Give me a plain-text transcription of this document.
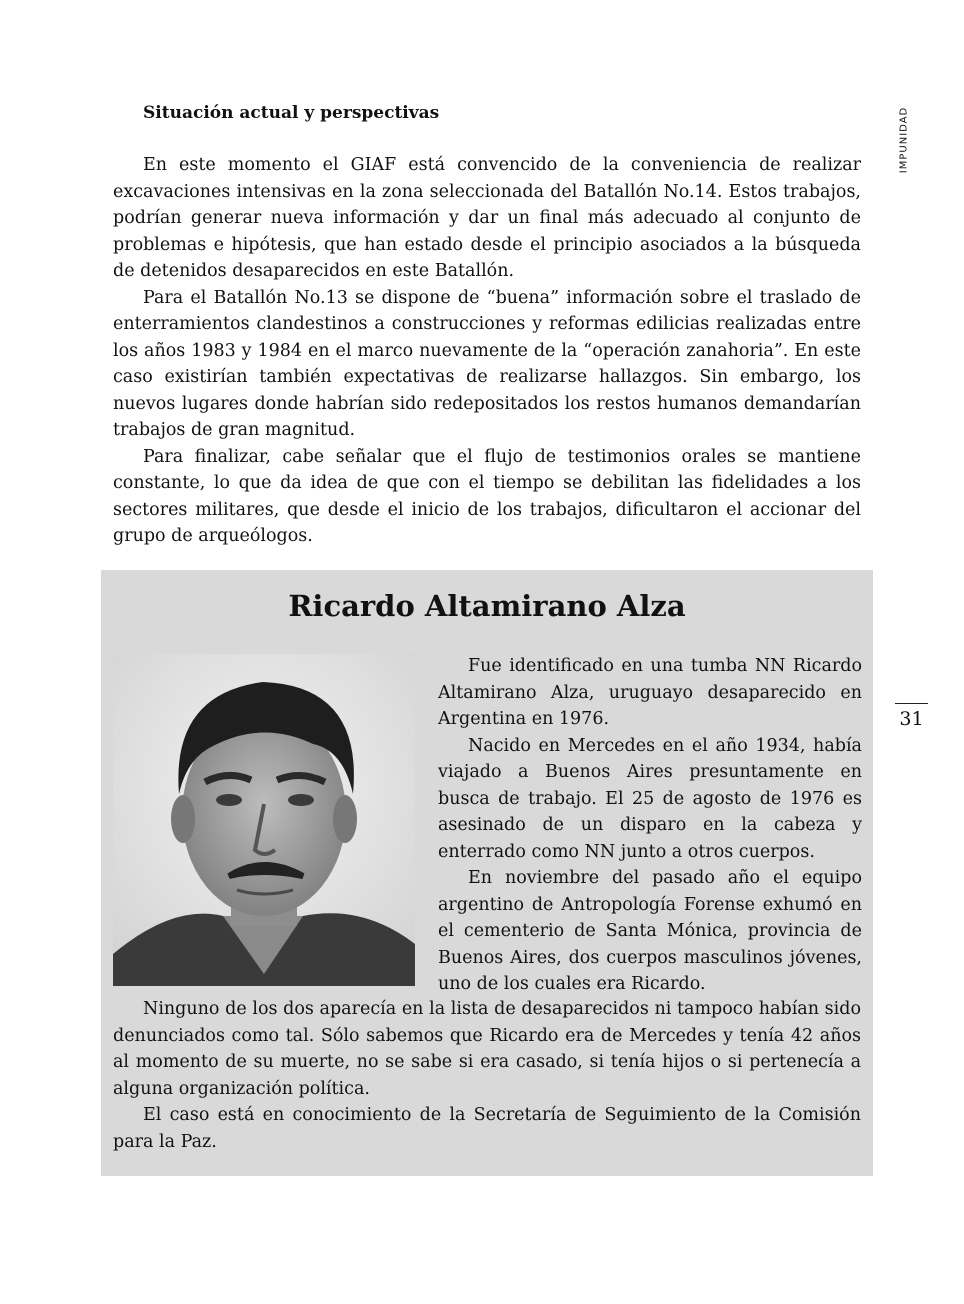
IMPUNIDAD
31
Situación actual y perspectivas

En este momento el GIAF está convencido de la conveniencia de realizar excavaciones intensivas en la zona seleccionada del Batallón No.14. Estos trabajos, podrían generar nueva información y dar un final más adecuado al conjunto de problemas e hipótesis, que han estado desde el principio asociados a la búsqueda de detenidos desaparecidos en este Batallón.

Para el Batallón No.13 se dispone de “buena” información sobre el traslado de enterramientos clandestinos a construcciones y reformas edilicias realizadas entre los años 1983 y 1984 en el marco nuevamente de la “operación zanahoria”. En este caso existirían también expectativas de realizarse hallazgos. Sin embargo, los nuevos lugares donde habrían sido redepositados los restos humanos demandarían trabajos de gran magnitud.

Para finalizar, cabe señalar que el flujo de testimonios orales se mantiene constante, lo que da idea de que con el tiempo se debilitan las fidelidades a los sectores militares, que desde el inicio de los trabajos, dificultaron el accionar del grupo de arqueólogos.

Ricardo Altamirano Alza

Fue identificado en una tumba NN Ricardo Altamirano Alza, uruguayo desaparecido en Argentina en 1976.

Nacido en Mercedes en el año 1934, había viajado a Buenos Aires presuntamente en busca de trabajo. El 25 de agosto de 1976 es asesinado de un disparo en la cabeza y enterrado como NN junto a otros cuerpos.

En noviembre del pasado año el equipo argentino de Antropología Forense exhumó en el cementerio de Santa Mónica, provincia de Buenos Aires, dos cuerpos masculinos jóvenes, uno de los cuales era Ricardo.

Ninguno de los dos aparecía en la lista de desaparecidos ni tampoco habían sido denunciados como tal. Sólo sabemos que Ricardo era de Mercedes y tenía 42 años al momento de su muerte, no se sabe si era casado, si tenía hijos o si pertenecía a alguna organización política.

El caso está en conocimiento de la Secretaría de Seguimiento de la Comisión para la Paz.
